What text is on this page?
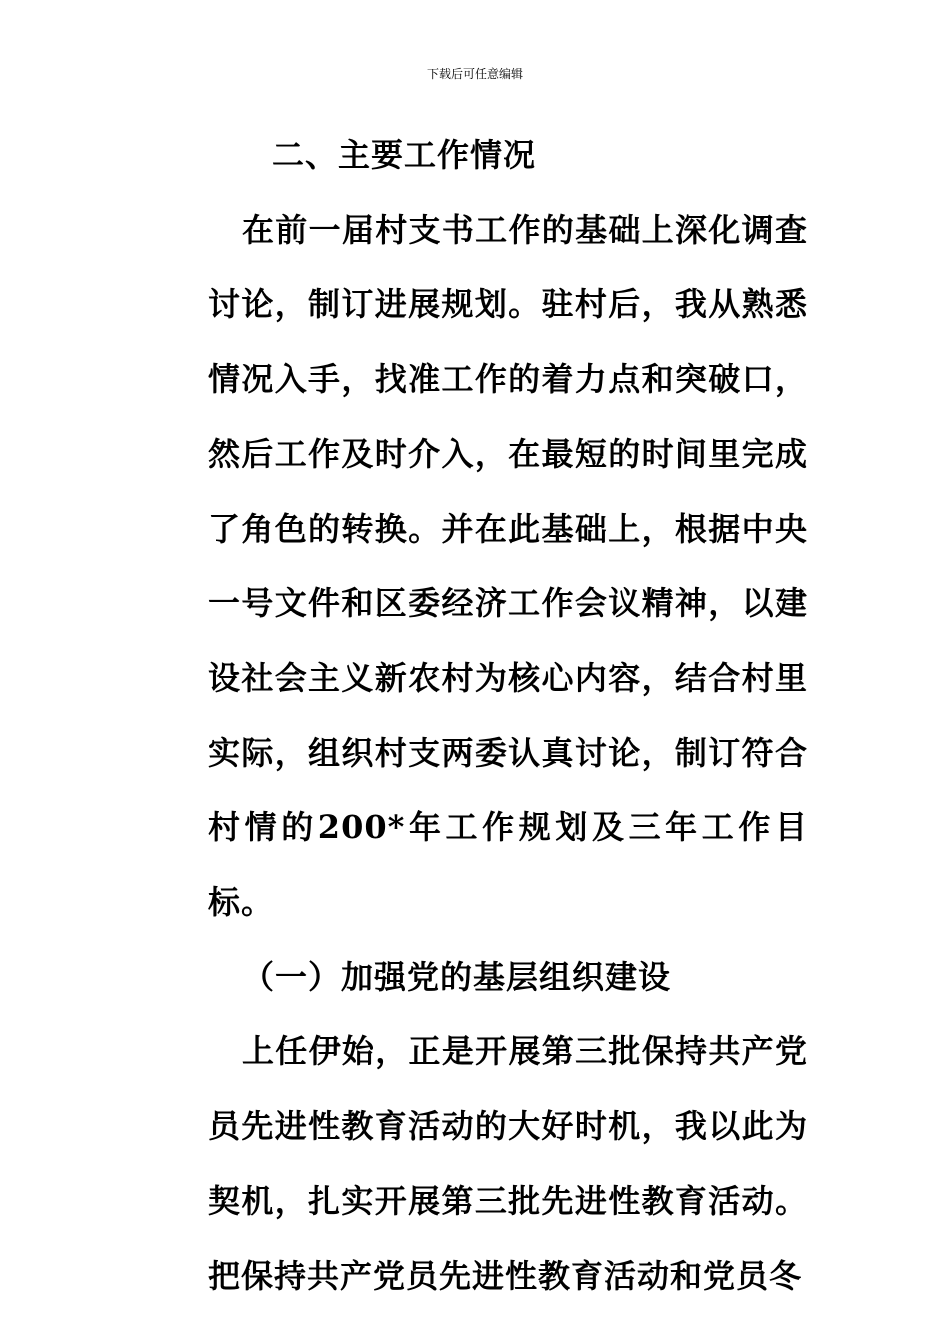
下载后可任意编辑

二、主要工作情况

在前一届村支书工作的基础上深化调查讨论，制订进展规划。驻村后，我从熟悉情况入手，找准工作的着力点和突破口，然后工作及时介入，在最短的时间里完成了角色的转换。并在此基础上，根据中央一号文件和区委经济工作会议精神，以建设社会主义新农村为核心内容，结合村里实际，组织村支两委认真讨论，制订符合村情的200*年工作规划及三年工作目标。

（一）加强党的基层组织建设

上任伊始，正是开展第三批保持共产党员先进性教育活动的大好时机，我以此为契机，扎实开展第三批先进性教育活动。把保持共产党员先进性教育活动和党员冬
